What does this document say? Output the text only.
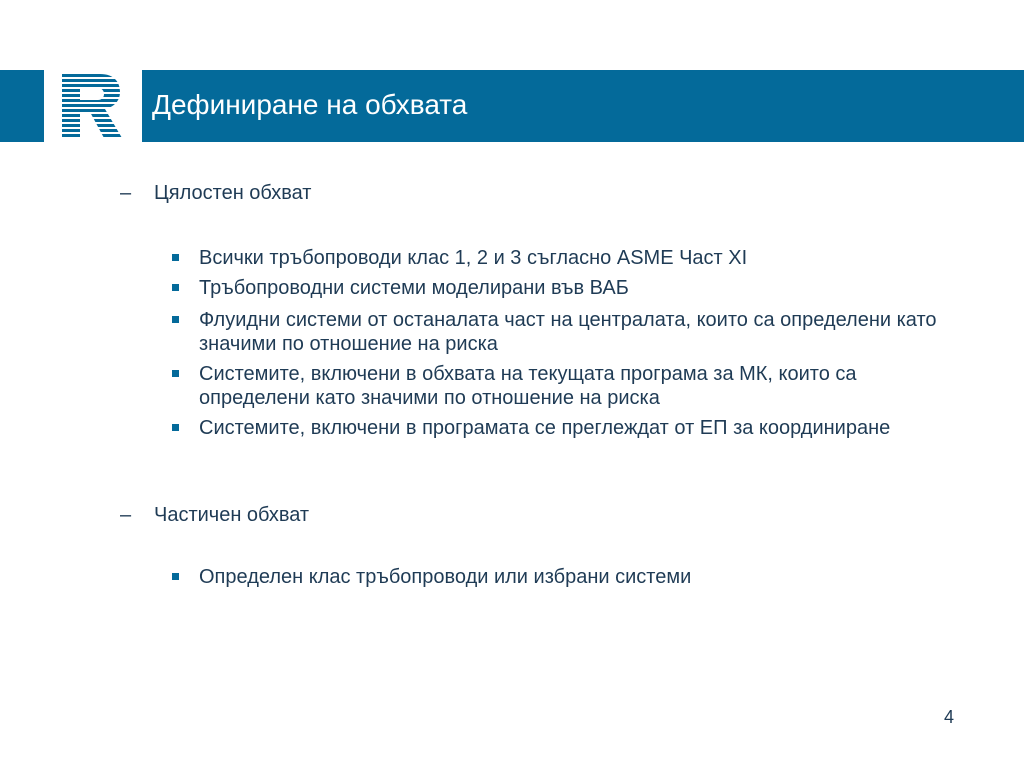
Дефиниране на обхвата
– Цялостен обхват
Всички тръбопроводи клас 1, 2 и 3 съгласно ASME Част XI
Тръбопроводни системи моделирани във ВАБ
Флуидни системи от останалата част на централата, които са определени като значими по отношение на риска
Системите, включени в обхвата на текущата програма за МК, които са определени като значими по отношение на риска
Системите, включени в програмата се преглеждат от ЕП за координиране
– Частичен обхват
Определен клас тръбопроводи или избрани системи
4
